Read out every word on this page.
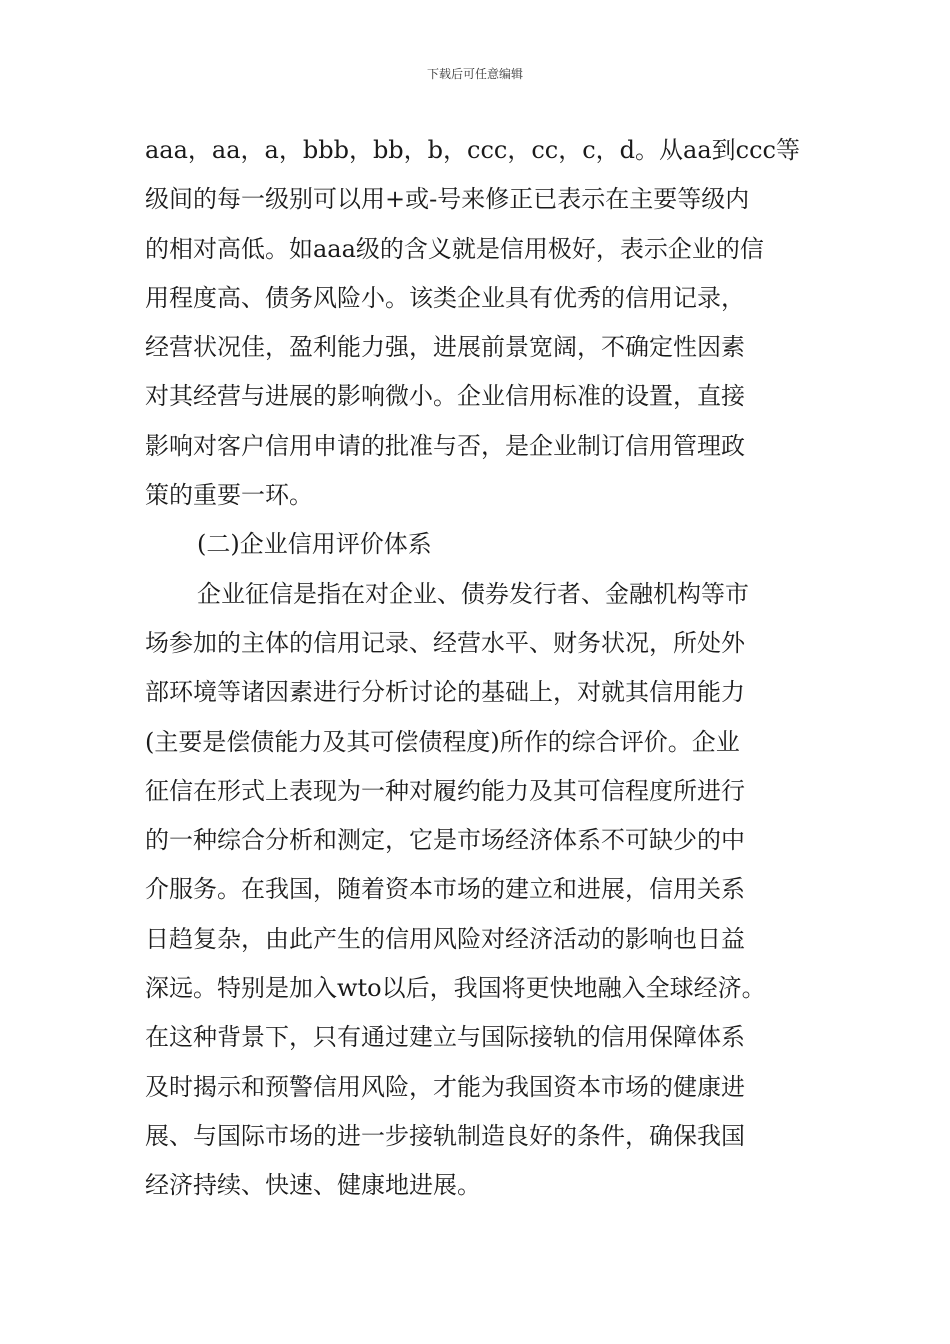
下载后可任意编辑
aaa，aa，a，bbb，bb，b，ccc，cc，c，d。从aa到ccc等
级间的每一级别可以用+或-号来修正已表示在主要等级内
的相对高低。如aaa级的含义就是信用极好，表示企业的信
用程度高、债务风险小。该类企业具有优秀的信用记录，
经营状况佳，盈利能力强，进展前景宽阔，不确定性因素
对其经营与进展的影响微小。企业信用标准的设置，直接
影响对客户信用申请的批准与否，是企业制订信用管理政
策的重要一环。
(二)企业信用评价体系
企业征信是指在对企业、债券发行者、金融机构等市
场参加的主体的信用记录、经营水平、财务状况，所处外
部环境等诸因素进行分析讨论的基础上，对就其信用能力
(主要是偿债能力及其可偿债程度)所作的综合评价。企业
征信在形式上表现为一种对履约能力及其可信程度所进行
的一种综合分析和测定，它是市场经济体系不可缺少的中
介服务。在我国，随着资本市场的建立和进展，信用关系
日趋复杂，由此产生的信用风险对经济活动的影响也日益
深远。特别是加入wto以后，我国将更快地融入全球经济。
在这种背景下，只有通过建立与国际接轨的信用保障体系
及时揭示和预警信用风险，才能为我国资本市场的健康进
展、与国际市场的进一步接轨制造良好的条件，确保我国
经济持续、快速、健康地进展。
